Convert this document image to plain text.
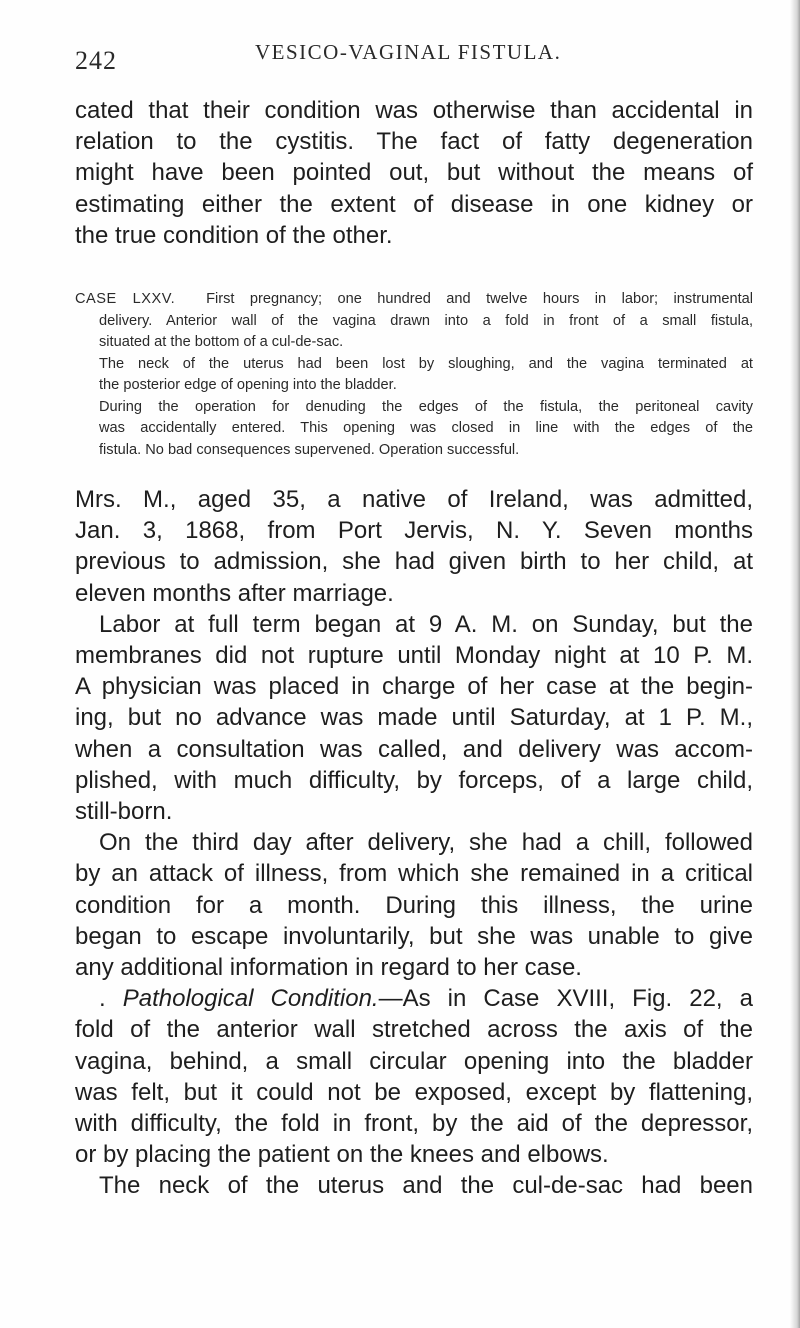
242	VESICO-VAGINAL FISTULA.
cated that their condition was otherwise than accidental in
relation to the cystitis. The fact of fatty degeneration
might have been pointed out, but without the means of
estimating either the extent of disease in one kidney or
the true condition of the other.
CASE LXXV. First pregnancy; one hundred and twelve hours in labor; instrumental
delivery. Anterior wall of the vagina drawn into a fold in front of a small fistula,
situated at the bottom of a cul-de-sac.
The neck of the uterus had been lost by sloughing, and the vagina terminated at
the posterior edge of opening into the bladder.
During the operation for denuding the edges of the fistula, the peritoneal cavity
was accidentally entered. This opening was closed in line with the edges of the
fistula. No bad consequences supervened. Operation successful.
Mrs. M., aged 35, a native of Ireland, was admitted,
Jan. 3, 1868, from Port Jervis, N. Y. Seven months
previous to admission, she had given birth to her child, at
eleven months after marriage.
Labor at full term began at 9 A. M. on Sunday, but the
membranes did not rupture until Monday night at 10 P. M.
A physician was placed in charge of her case at the begin-
ing, but no advance was made until Saturday, at 1 P. M.,
when a consultation was called, and delivery was accom-
plished, with much difficulty, by forceps, of a large child,
still-born.
On the third day after delivery, she had a chill, followed
by an attack of illness, from which she remained in a critical
condition for a month. During this illness, the urine
began to escape involuntarily, but she was unable to give
any additional information in regard to her case.
. Pathological Condition.—As in Case XVIII, Fig. 22, a
fold of the anterior wall stretched across the axis of the
vagina, behind, a small circular opening into the bladder
was felt, but it could not be exposed, except by flattening,
with difficulty, the fold in front, by the aid of the depressor,
or by placing the patient on the knees and elbows.
The neck of the uterus and the cul-de-sac had been
